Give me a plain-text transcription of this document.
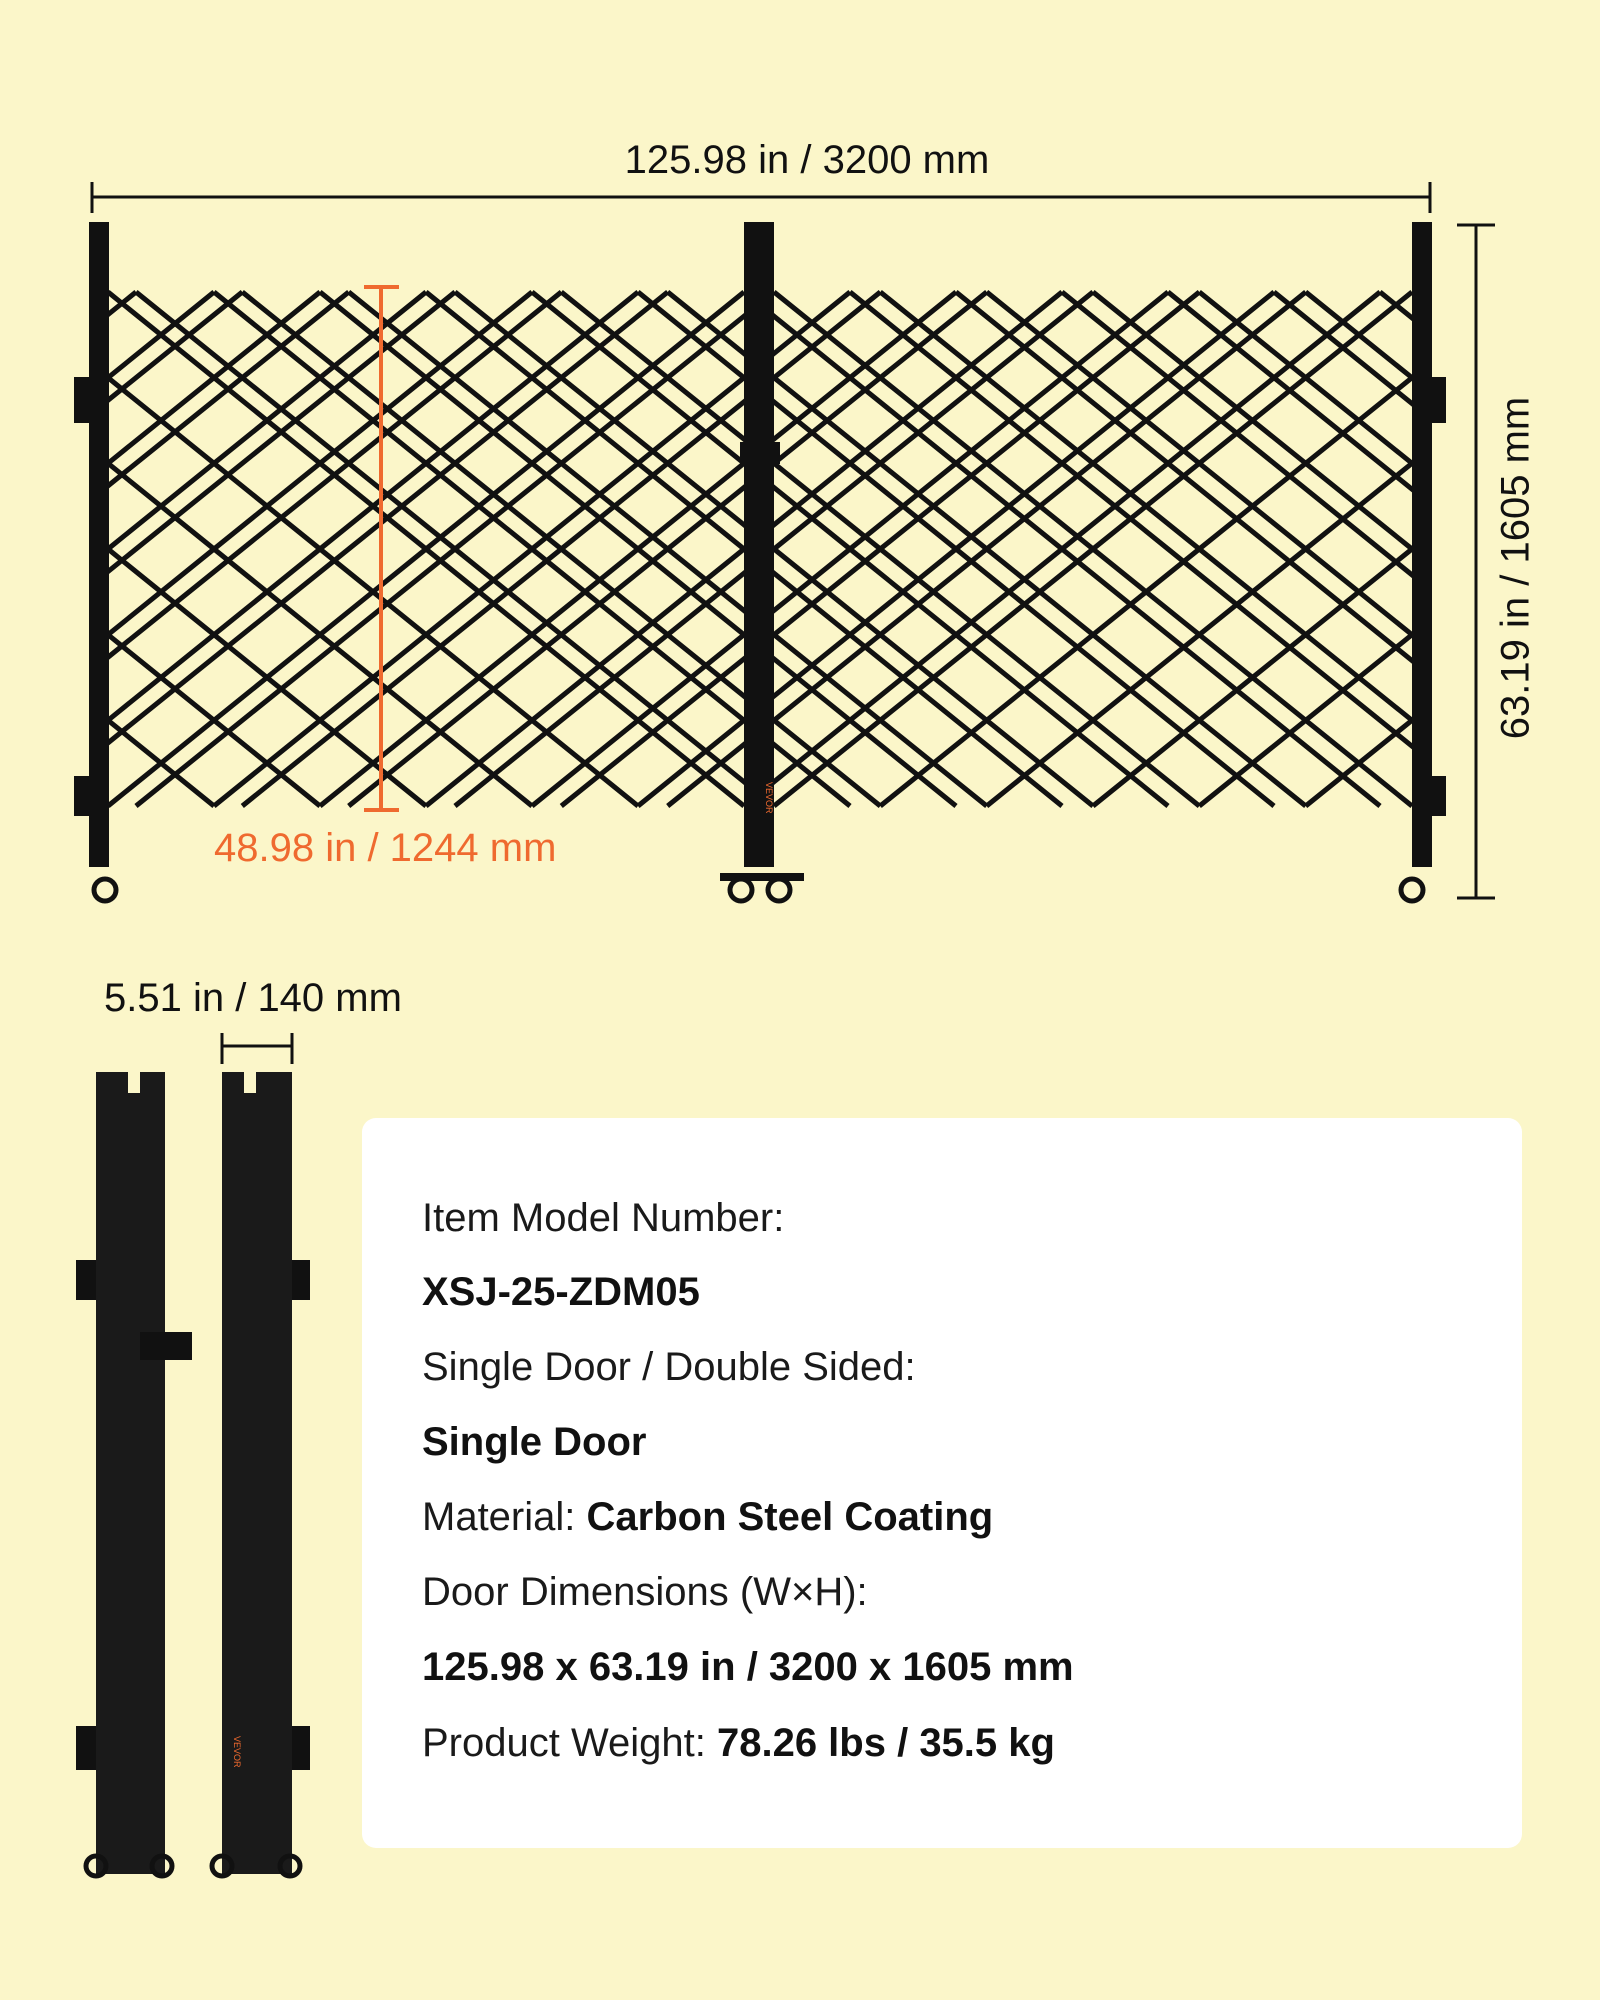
VEVOR
VEVOR
125.98 in / 3200 mm
63.19 in / 1605 mm
48.98 in / 1244 mm
5.51 in / 140 mm
Item Model Number:
XSJ-25-ZDM05
Single Door / Double Sided:
Single Door
Material: Carbon Steel Coating
Door Dimensions (W×H):
125.98 x 63.19 in / 3200 x 1605 mm
Product Weight: 78.26 lbs / 35.5 kg
